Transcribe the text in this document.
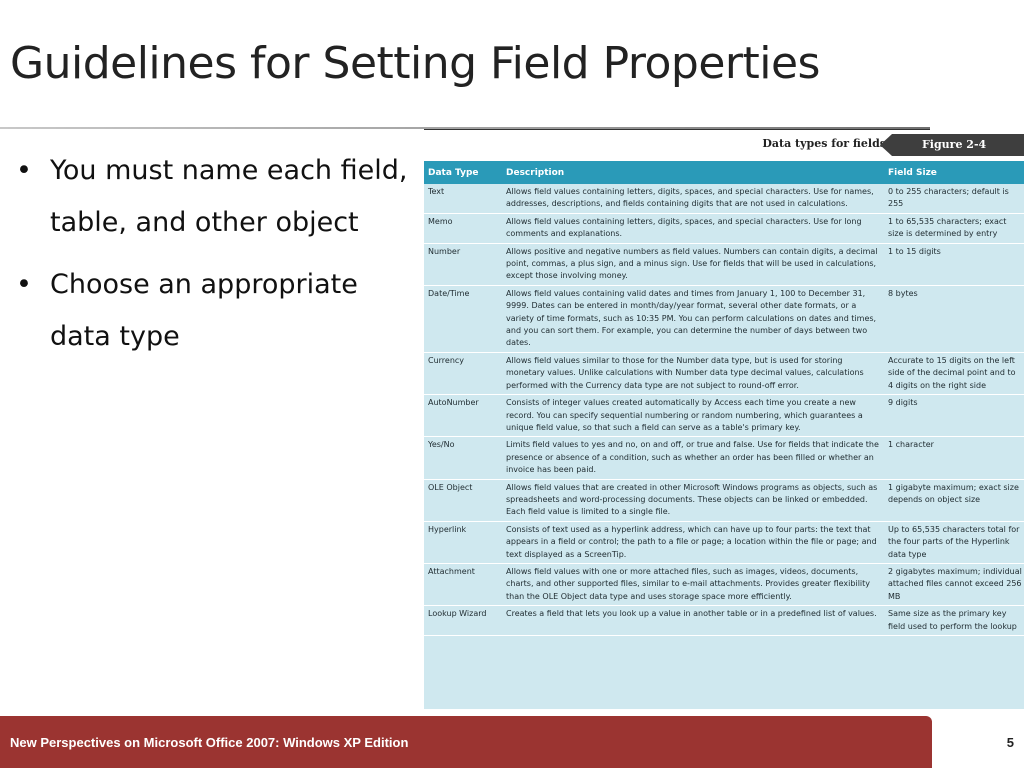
Guidelines for Setting Field Properties
• You must name each field, table, and other object
• Choose an appropriate data type
Data types for fields	Figure 2-4
Data Type	Description	Field Size
Text	Allows field values containing letters, digits, spaces, and special characters. Use for names, addresses, descriptions, and fields containing digits that are not used in calculations.	0 to 255 characters; default is 255
Memo	Allows field values containing letters, digits, spaces, and special characters. Use for long comments and explanations.	1 to 65,535 characters; exact size is determined by entry
Number	Allows positive and negative numbers as field values. Numbers can contain digits, a decimal point, commas, a plus sign, and a minus sign. Use for fields that will be used in calculations, except those involving money.	1 to 15 digits
Date/Time	Allows field values containing valid dates and times from January 1, 100 to December 31, 9999. Dates can be entered in month/day/year format, several other date formats, or a variety of time formats, such as 10:35 PM. You can perform calculations on dates and times, and you can sort them. For example, you can determine the number of days between two dates.	8 bytes
Currency	Allows field values similar to those for the Number data type, but is used for storing monetary values. Unlike calculations with Number data type decimal values, calculations performed with the Currency data type are not subject to round-off error.	Accurate to 15 digits on the left side of the decimal point and to 4 digits on the right side
AutoNumber	Consists of integer values created automatically by Access each time you create a new record. You can specify sequential numbering or random numbering, which guarantees a unique field value, so that such a field can serve as a table's primary key.	9 digits
Yes/No	Limits field values to yes and no, on and off, or true and false. Use for fields that indicate the presence or absence of a condition, such as whether an order has been filled or whether an invoice has been paid.	1 character
OLE Object	Allows field values that are created in other Microsoft Windows programs as objects, such as spreadsheets and word-processing documents. These objects can be linked or embedded. Each field value is limited to a single file.	1 gigabyte maximum; exact size depends on object size
Hyperlink	Consists of text used as a hyperlink address, which can have up to four parts: the text that appears in a field or control; the path to a file or page; a location within the file or page; and text displayed as a ScreenTip.	Up to 65,535 characters total for the four parts of the Hyperlink data type
Attachment	Allows field values with one or more attached files, such as images, videos, documents, charts, and other supported files, similar to e-mail attachments. Provides greater flexibility than the OLE Object data type and uses storage space more efficiently.	2 gigabytes maximum; individual attached files cannot exceed 256 MB
Lookup Wizard	Creates a field that lets you look up a value in another table or in a predefined list of values.	Same size as the primary key field used to perform the lookup
New Perspectives on Microsoft Office 2007: Windows XP Edition	5
